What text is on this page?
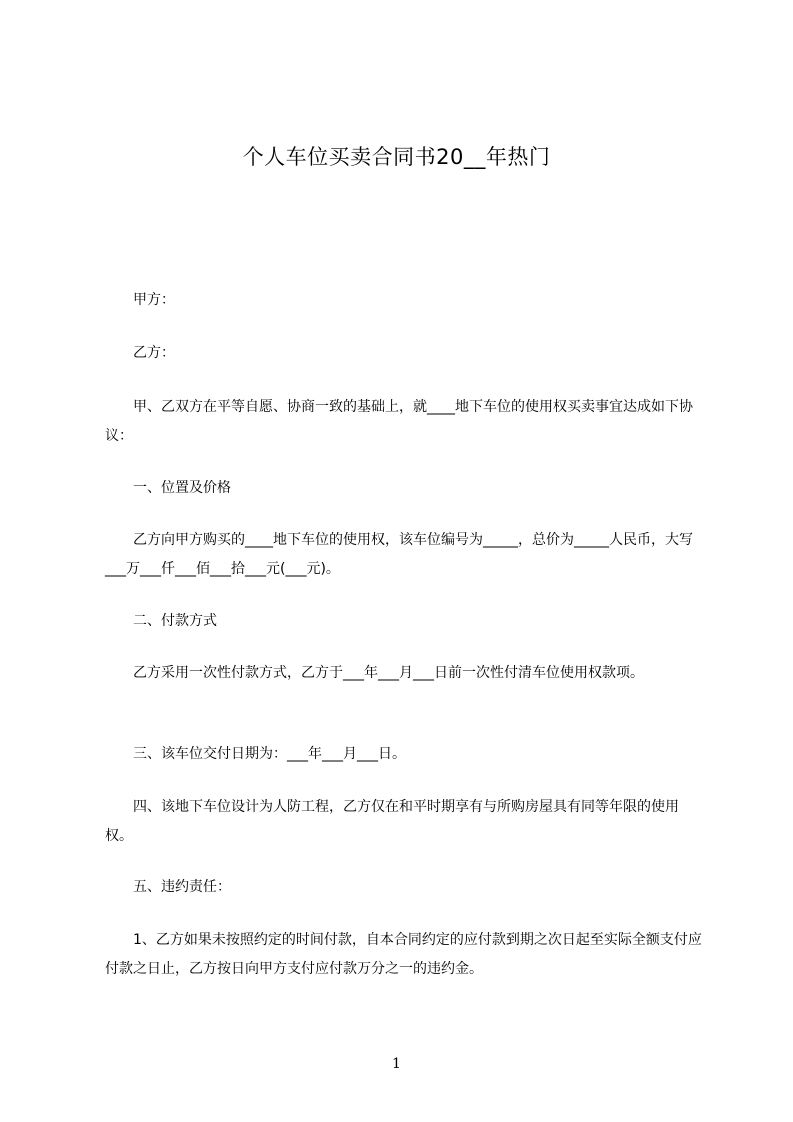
个人车位买卖合同书20__年热门
　　甲方：
　　乙方：
　　甲、乙双方在平等自愿、协商一致的基础上，就____地下车位的使用权买卖事宜达成如下协议：
　　一、位置及价格
　　乙方向甲方购买的____地下车位的使用权，该车位编号为_____，总价为_____人民币，大写___万___仟___佰___拾___元(___元)。
　　二、付款方式
　　乙方采用一次性付款方式，乙方于___年___月___日前一次性付清车位使用权款项。
　　三、该车位交付日期为：___年___月___日。
　　四、该地下车位设计为人防工程，乙方仅在和平时期享有与所购房屋具有同等年限的使用权。
　　五、违约责任：
　　1、乙方如果未按照约定的时间付款，自本合同约定的应付款到期之次日起至实际全额支付应付款之日止，乙方按日向甲方支付应付款万分之一的违约金。
1
